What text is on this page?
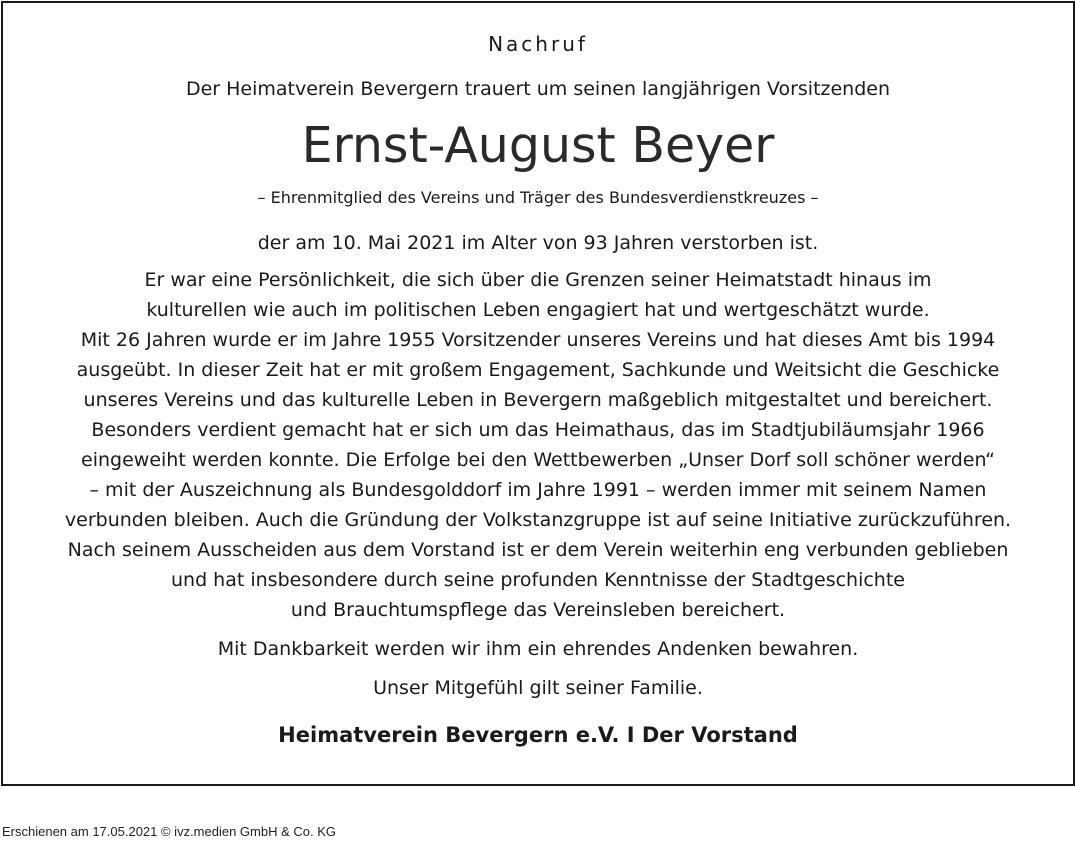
Nachruf
Der Heimatverein Bevergern trauert um seinen langjährigen Vorsitzenden
Ernst-August Beyer
– Ehrenmitglied des Vereins und Träger des Bundesverdienstkreuzes –
der am 10. Mai 2021 im Alter von 93 Jahren verstorben ist.
Er war eine Persönlichkeit, die sich über die Grenzen seiner Heimatstadt hinaus im
kulturellen wie auch im politischen Leben engagiert hat und wertgeschätzt wurde.
Mit 26 Jahren wurde er im Jahre 1955 Vorsitzender unseres Vereins und hat dieses Amt bis 1994
ausgeübt. In dieser Zeit hat er mit großem Engagement, Sachkunde und Weitsicht die Geschicke
unseres Vereins und das kulturelle Leben in Bevergern maßgeblich mitgestaltet und bereichert.
Besonders verdient gemacht hat er sich um das Heimathaus, das im Stadtjubiläumsjahr 1966
eingeweiht werden konnte. Die Erfolge bei den Wettbewerben „Unser Dorf soll schöner werden“
– mit der Auszeichnung als Bundesgolddorf im Jahre 1991 – werden immer mit seinem Namen
verbunden bleiben. Auch die Gründung der Volkstanzgruppe ist auf seine Initiative zurückzuführen.
Nach seinem Ausscheiden aus dem Vorstand ist er dem Verein weiterhin eng verbunden geblieben
und hat insbesondere durch seine profunden Kenntnisse der Stadtgeschichte
und Brauchtumspflege das Vereinsleben bereichert.
Mit Dankbarkeit werden wir ihm ein ehrendes Andenken bewahren.
Unser Mitgefühl gilt seiner Familie.
Heimatverein Bevergern e.V. I Der Vorstand
Erschienen am 17.05.2021 © ivz.medien GmbH & Co. KG
